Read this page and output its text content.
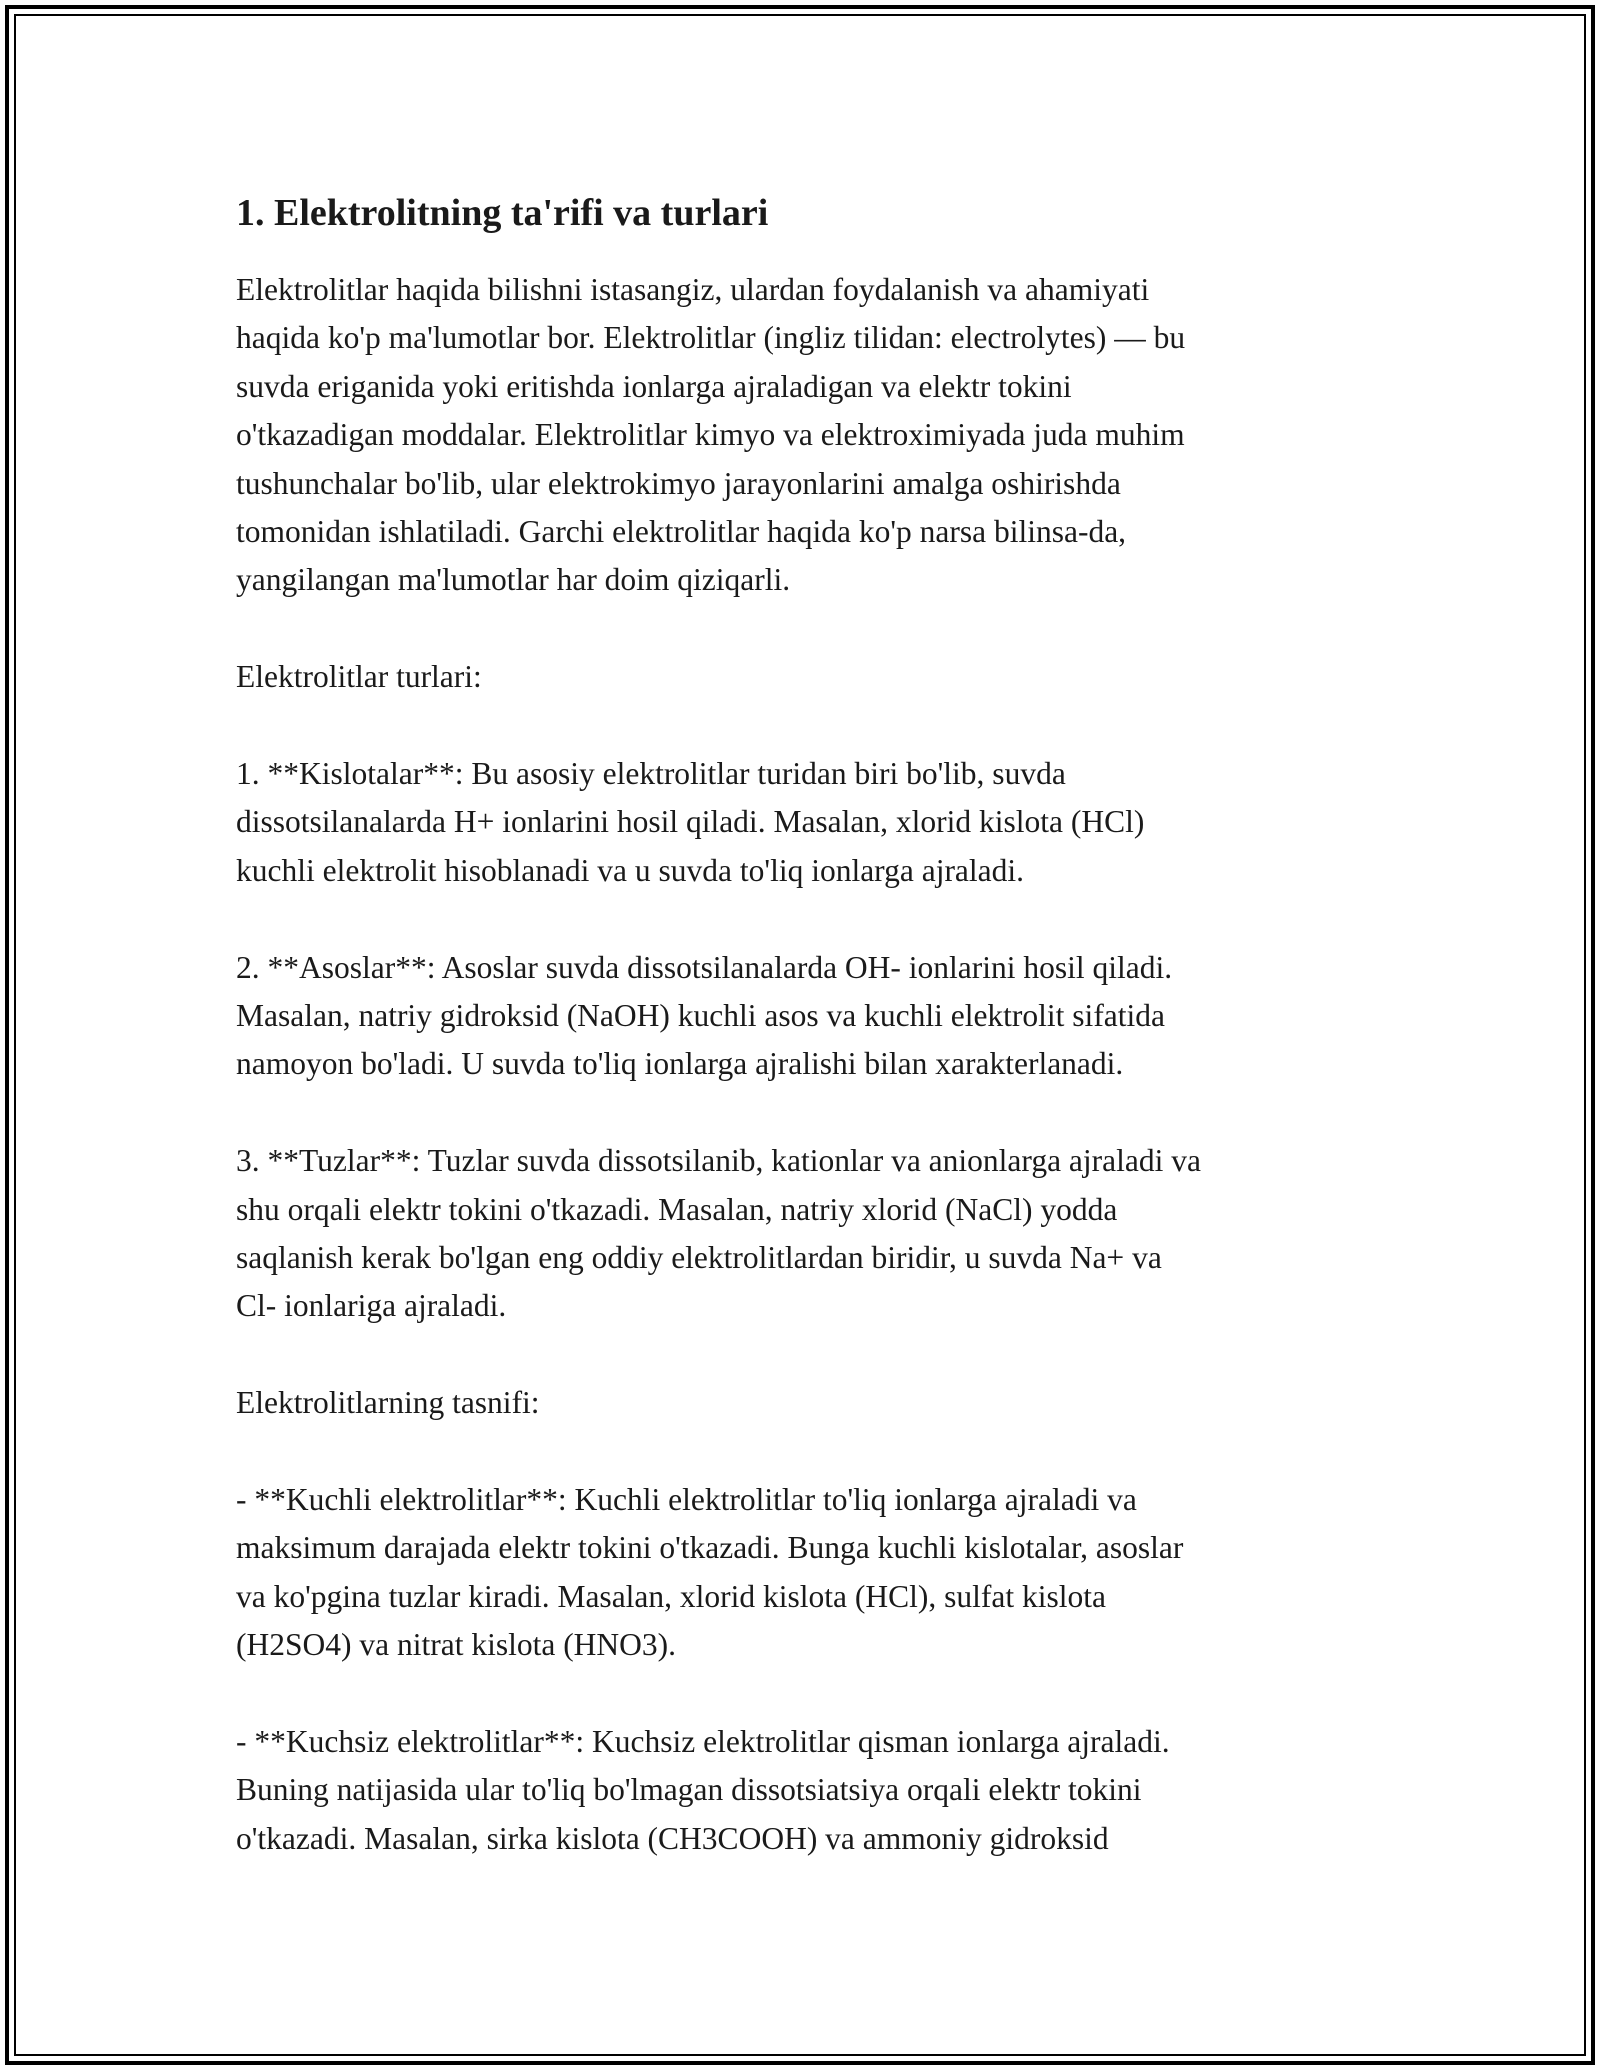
1. Elektrolitning ta'rifi va turlari

Elektrolitlar haqida bilishni istasangiz, ulardan foydalanish va ahamiyati
haqida ko'p ma'lumotlar bor. Elektrolitlar (ingliz tilidan: electrolytes) — bu
suvda eriganida yoki eritishda ionlarga ajraladigan va elektr tokini
o'tkazadigan moddalar. Elektrolitlar kimyo va elektroximiyada juda muhim
tushunchalar bo'lib, ular elektrokimyo jarayonlarini amalga oshirishda
tomonidan ishlatiladi. Garchi elektrolitlar haqida ko'p narsa bilinsa-da,
yangilangan ma'lumotlar har doim qiziqarli.

Elektrolitlar turlari:

1. **Kislotalar**: Bu asosiy elektrolitlar turidan biri bo'lib, suvda
dissotsilanalarda H+ ionlarini hosil qiladi. Masalan, xlorid kislota (HCl)
kuchli elektrolit hisoblanadi va u suvda to'liq ionlarga ajraladi.

2. **Asoslar**: Asoslar suvda dissotsilanalarda OH- ionlarini hosil qiladi.
Masalan, natriy gidroksid (NaOH) kuchli asos va kuchli elektrolit sifatida
namoyon bo'ladi. U suvda to'liq ionlarga ajralishi bilan xarakterlanadi.

3. **Tuzlar**: Tuzlar suvda dissotsilanib, kationlar va anionlarga ajraladi va
shu orqali elektr tokini o'tkazadi. Masalan, natriy xlorid (NaCl) yodda
saqlanish kerak bo'lgan eng oddiy elektrolitlardan biridir, u suvda Na+ va
Cl- ionlariga ajraladi.

Elektrolitlarning tasnifi:

- **Kuchli elektrolitlar**: Kuchli elektrolitlar to'liq ionlarga ajraladi va
maksimum darajada elektr tokini o'tkazadi. Bunga kuchli kislotalar, asoslar
va ko'pgina tuzlar kiradi. Masalan, xlorid kislota (HCl), sulfat kislota
(H2SO4) va nitrat kislota (HNO3).

- **Kuchsiz elektrolitlar**: Kuchsiz elektrolitlar qisman ionlarga ajraladi.
Buning natijasida ular to'liq bo'lmagan dissotsiatsiya orqali elektr tokini
o'tkazadi. Masalan, sirka kislota (CH3COOH) va ammoniy gidroksid
